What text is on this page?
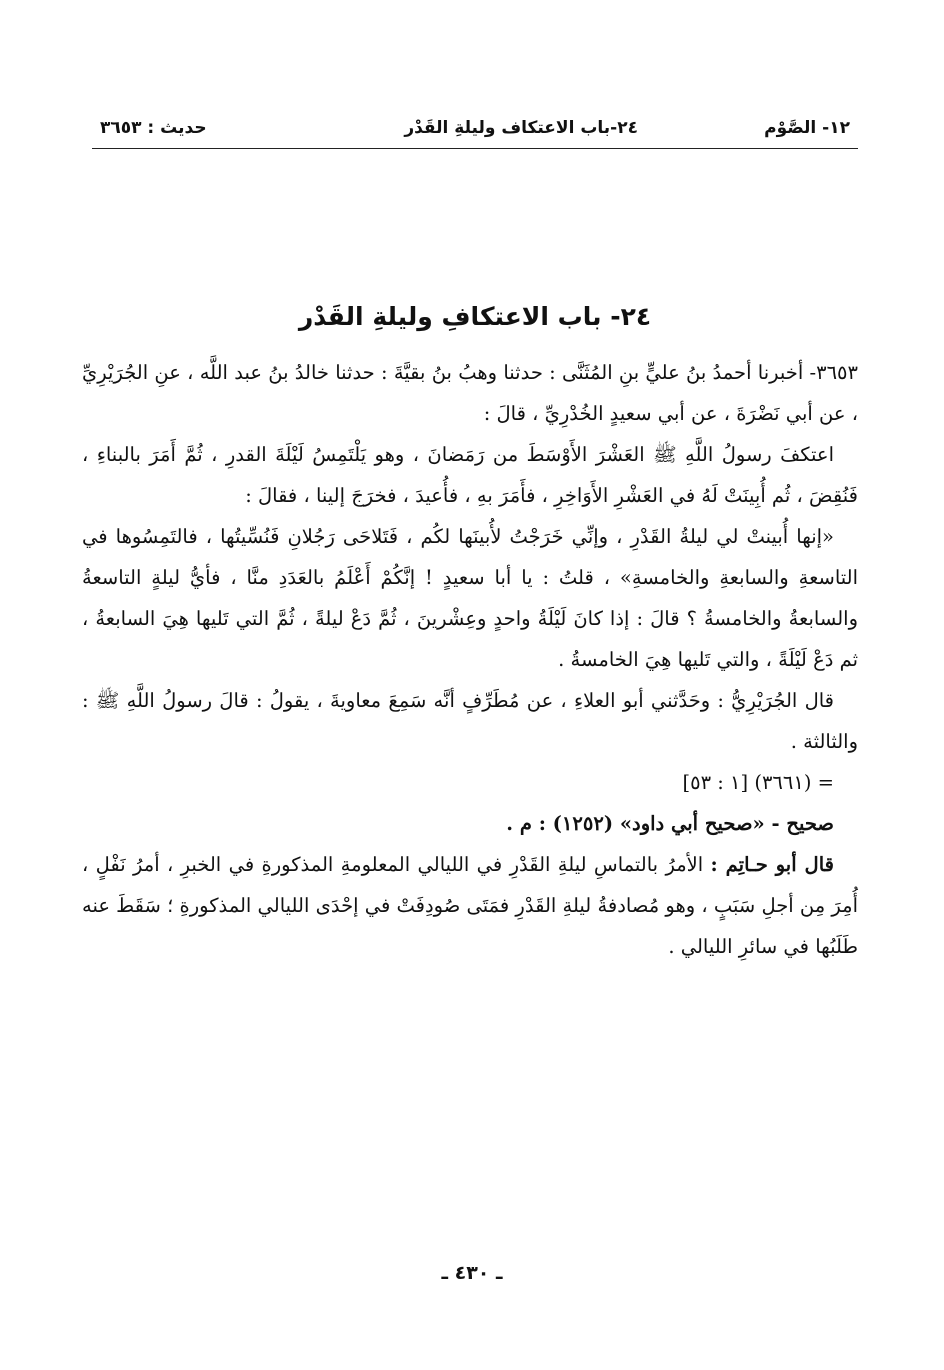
١٢- الصَّوْم
٢٤-باب الاعتكاف وليلةِ القَدْر
حديث : ٣٦٥٣
٢٤- باب الاعتكافِ وليلةِ القَدْر

٣٦٥٣- أخبرنا أحمدُ بنُ عليٍّ بنِ المُثَنَّى : حدثنا وهبُ بنُ بقيَّةَ : حدثنا خالدُ بنُ عبد اللَّه ، عنِ الجُرَيْرِيِّ ، عن أبي نَضْرَةَ ، عن أبي سعيدٍ الخُدْرِيِّ ، قالَ :

اعتكفَ رسولُ اللَّهِ ﷺ العَشْرَ الأَوْسَطَ من رَمَضانَ ، وهو يَلْتَمِسُ لَيْلَةَ القدرِ ، ثُمَّ أَمَرَ بالبناءِ ، فَنُقِضَ ، ثُم أُبِينَتْ لَهُ في العَشْرِ الأَوَاخِرِ ، فأَمَرَ بهِ ، فأُعيدَ ، فخرَجَ إلينا ، فقالَ :

«إنها أُبينتْ لي ليلةُ القَدْرِ ، وإنِّي خَرَجْتُ لأُبينَها لكُم ، فَتَلاحَى رَجُلانِ فَنُسِّيتُها ، فالتَمِسُوها في التاسعةِ والسابعةِ والخامسةِ» ، قلتُ : يا أبا سعيدٍ ! إنَّكُمْ أَعْلَمُ بالعَدَدِ منَّا ، فأيُّ ليلةٍ التاسعةُ والسابعةُ والخامسةُ ؟ قالَ : إذا كانَ لَيْلَةُ واحدٍ وعِشْرينَ ، ثُمَّ دَعْ ليلةً ، ثُمَّ التي تَليها هِيَ السابعةُ ، ثم دَعْ لَيْلَةً ، والتي تَليها هِيَ الخامسةُ .

قال الجُرَيْرِيُّ : وحَدَّثني أبو العلاءِ ، عن مُطَرِّفٍ أنَّه سَمِعَ معاويةَ ، يقولُ : قالَ رسولُ اللَّهِ ﷺ : والثالثة .

= (٣٦٦١) [١ : ٥٣]

صحيح - «صحيح أبي داود» (١٢٥٢) : م .

قال أبو حـاتِم : الأمرُ بالتماسِ ليلةِ القَدْرِ في الليالي المعلومةِ المذكورةِ في الخبرِ ، أمرُ نَفْلٍ ، أُمِرَ مِن أجلِ سَبَبٍ ، وهو مُصادفةُ ليلةِ القَدْرِ فمَتَى صُودِفَتْ في إحْدَى الليالي المذكورةِ ؛ سَقَطَ عنه طَلَبُها في سائرِ الليالي .

ـ ٤٣٠ ـ
